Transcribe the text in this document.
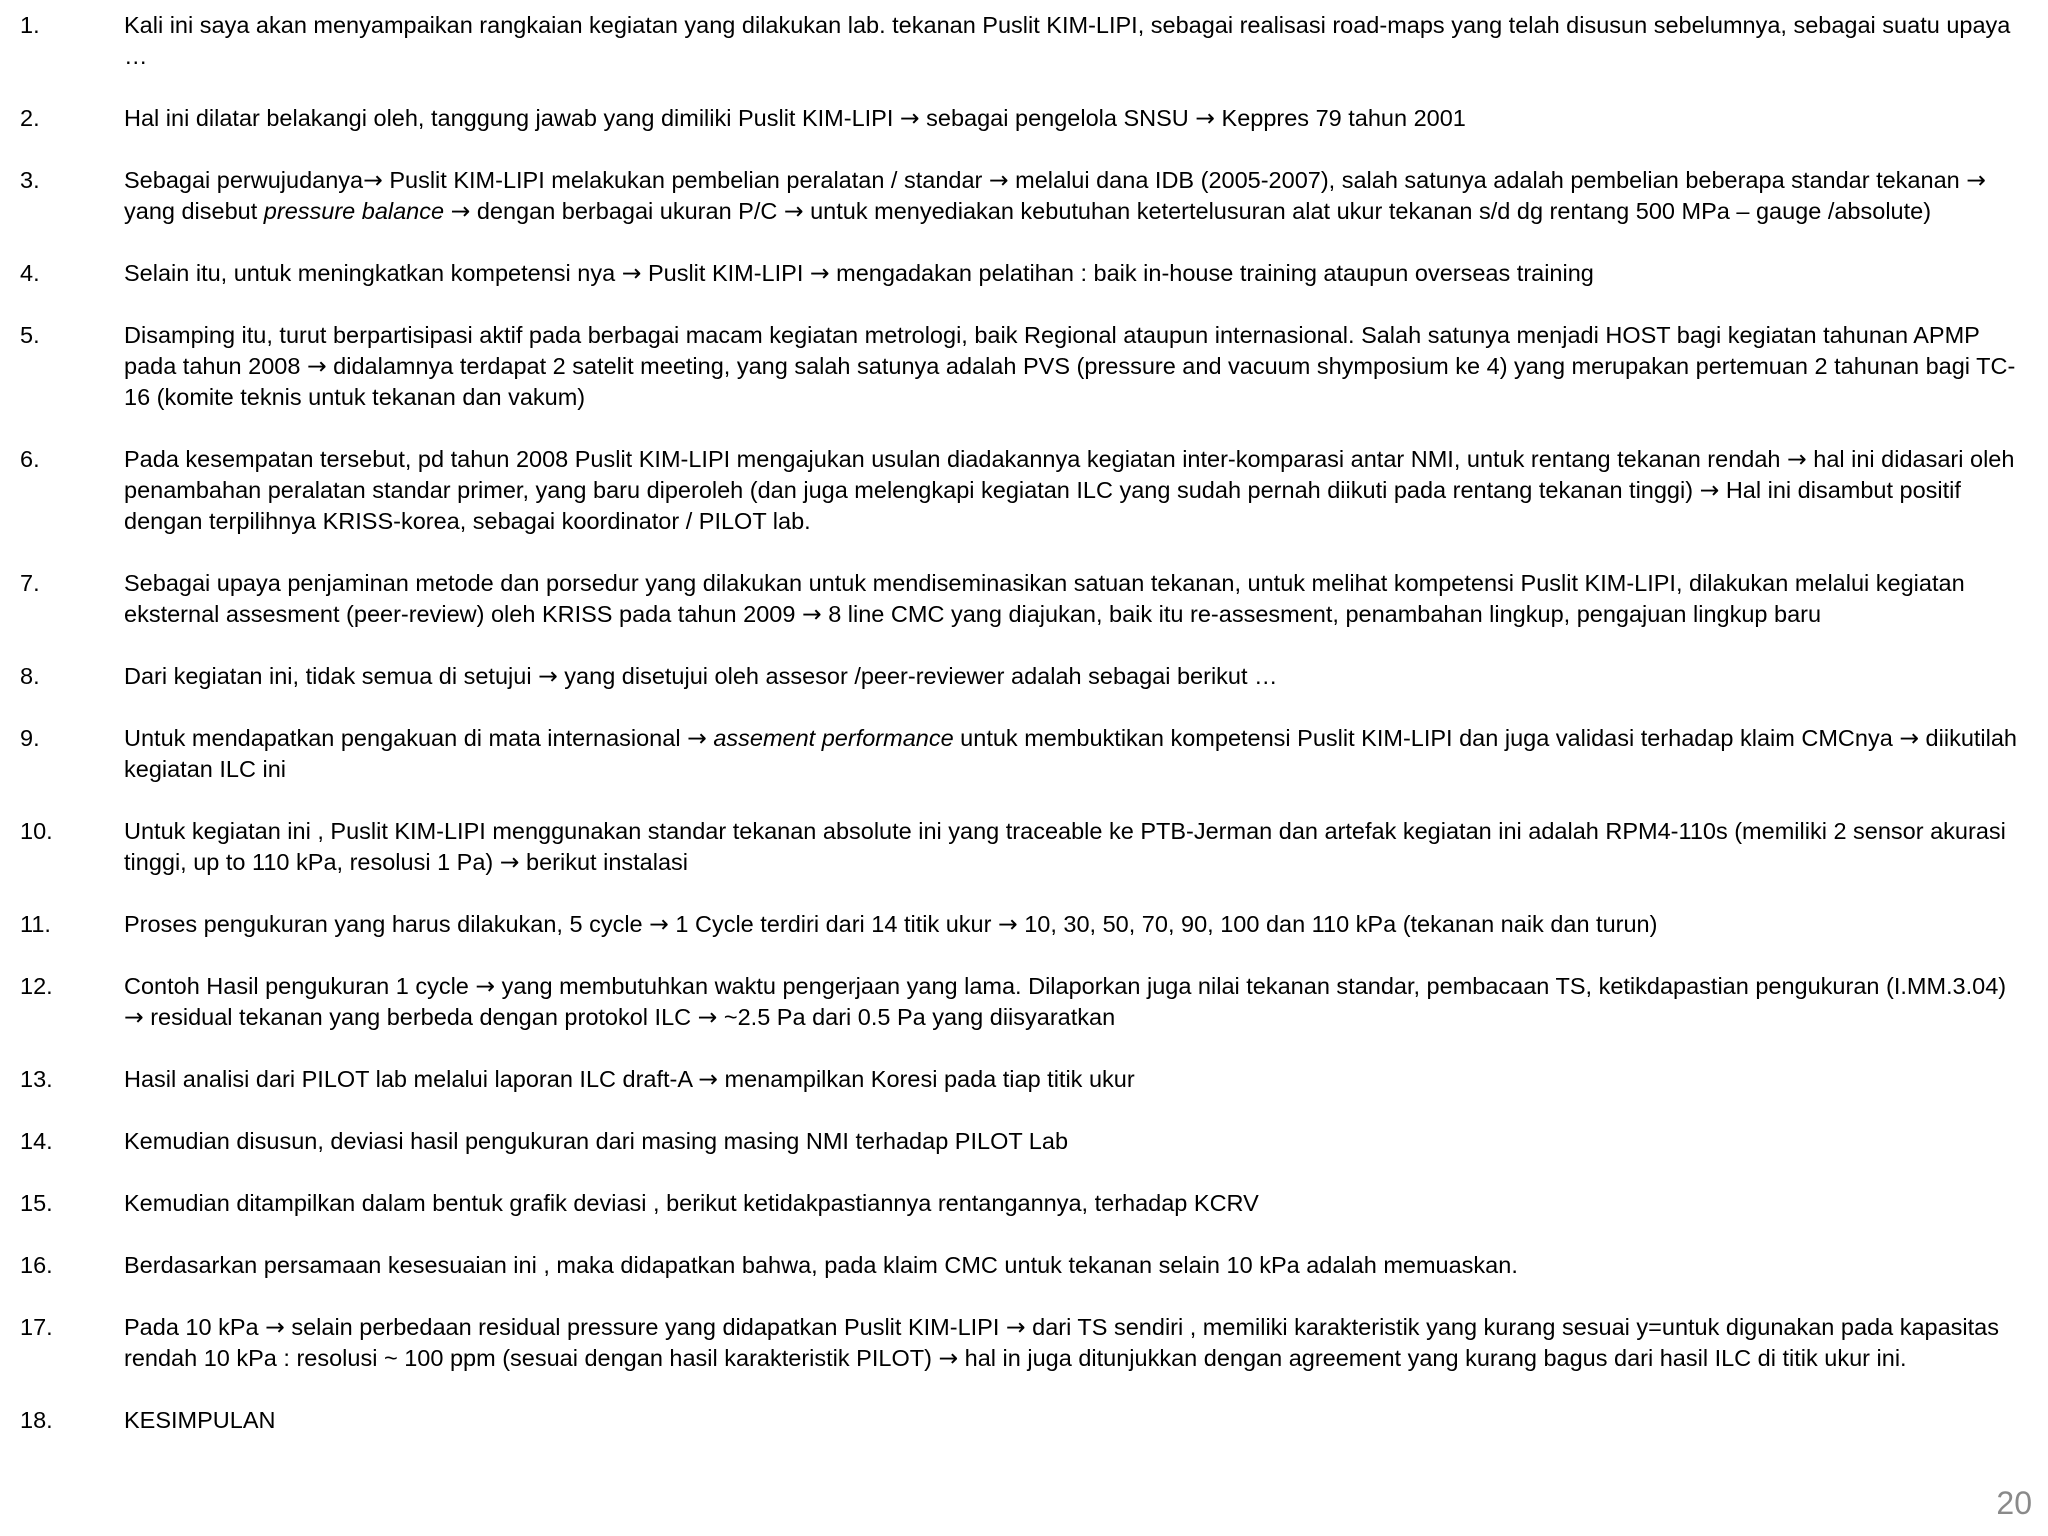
1.	Kali ini saya akan menyampaikan rangkaian kegiatan yang dilakukan lab. tekanan Puslit KIM-LIPI, sebagai realisasi road-maps yang telah disusun sebelumnya, sebagai suatu upaya …
2.	Hal ini dilatar belakangi oleh, tanggung jawab yang dimiliki Puslit KIM-LIPI → sebagai pengelola SNSU → Keppres 79 tahun 2001
3.	Sebagai perwujudanya→ Puslit KIM-LIPI melakukan pembelian peralatan / standar → melalui dana IDB (2005-2007), salah satunya adalah pembelian beberapa standar tekanan → yang disebut pressure balance → dengan berbagai ukuran P/C → untuk menyediakan kebutuhan ketertelusuran alat ukur tekanan s/d dg rentang 500 MPa – gauge /absolute)
4.	Selain itu, untuk meningkatkan kompetensi nya → Puslit KIM-LIPI → mengadakan pelatihan : baik in-house training ataupun overseas training
5.	Disamping itu, turut berpartisipasi aktif pada berbagai macam kegiatan metrologi, baik Regional ataupun internasional. Salah satunya menjadi HOST bagi kegiatan tahunan APMP pada tahun 2008 → didalamnya terdapat 2 satelit meeting, yang salah satunya adalah PVS (pressure and vacuum shymposium ke 4) yang merupakan pertemuan 2 tahunan bagi TC-16 (komite teknis untuk tekanan dan vakum)
6.	Pada kesempatan tersebut, pd tahun 2008 Puslit KIM-LIPI mengajukan usulan diadakannya kegiatan inter-komparasi antar NMI, untuk rentang tekanan rendah → hal ini didasari oleh penambahan peralatan standar primer, yang baru diperoleh (dan juga melengkapi kegiatan ILC yang sudah pernah diikuti pada rentang tekanan tinggi) → Hal ini disambut positif dengan terpilihnya KRISS-korea, sebagai koordinator / PILOT lab.
7.	Sebagai upaya penjaminan metode dan porsedur yang dilakukan untuk mendiseminasikan satuan tekanan, untuk melihat kompetensi Puslit KIM-LIPI, dilakukan melalui kegiatan eksternal assesment (peer-review) oleh KRISS pada tahun 2009 → 8 line CMC yang diajukan, baik itu re-assesment, penambahan lingkup, pengajuan lingkup baru
8.	Dari kegiatan ini, tidak semua di setujui → yang disetujui oleh assesor /peer-reviewer adalah sebagai berikut …
9.	Untuk mendapatkan pengakuan di mata internasional → assement performance untuk membuktikan kompetensi Puslit KIM-LIPI dan juga validasi terhadap klaim CMCnya → diikutilah kegiatan ILC ini
10.	Untuk kegiatan ini , Puslit KIM-LIPI menggunakan standar tekanan absolute ini yang traceable ke PTB-Jerman dan artefak kegiatan ini adalah RPM4-110s (memiliki 2 sensor akurasi tinggi, up to 110 kPa, resolusi 1 Pa) → berikut instalasi
11.	Proses pengukuran yang harus dilakukan, 5 cycle → 1 Cycle terdiri dari 14 titik ukur → 10, 30, 50, 70, 90, 100 dan 110 kPa (tekanan naik dan turun)
12.	Contoh Hasil pengukuran 1 cycle → yang membutuhkan waktu pengerjaan yang lama. Dilaporkan juga nilai tekanan standar, pembacaan TS, ketikdapastian pengukuran (I.MM.3.04) → residual tekanan yang berbeda dengan protokol ILC → ~2.5 Pa dari 0.5 Pa yang diisyaratkan
13.	Hasil analisi dari PILOT lab melalui laporan ILC draft-A → menampilkan Koresi pada tiap titik ukur
14.	Kemudian disusun, deviasi hasil pengukuran dari masing masing NMI terhadap PILOT Lab
15.	Kemudian ditampilkan dalam bentuk grafik deviasi , berikut ketidakpastiannya rentangannya, terhadap KCRV
16.	Berdasarkan persamaan kesesuaian ini , maka didapatkan bahwa, pada klaim CMC untuk tekanan selain 10 kPa adalah memuaskan.
17.	Pada 10 kPa → selain perbedaan residual pressure yang didapatkan Puslit KIM-LIPI → dari TS sendiri , memiliki karakteristik yang kurang sesuai y=untuk digunakan pada kapasitas rendah 10 kPa : resolusi ~ 100 ppm (sesuai dengan hasil karakteristik PILOT) → hal in juga ditunjukkan dengan agreement yang kurang bagus dari hasil ILC di titik ukur ini.
18.	KESIMPULAN
20
